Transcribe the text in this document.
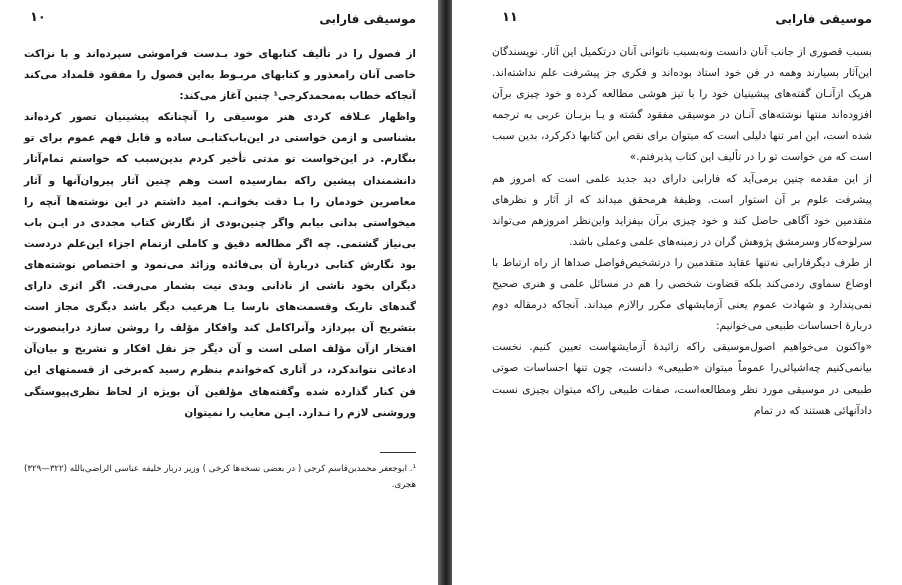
موسیقی فارابی
۱۰

از فصول را در تألیف کتابهای خود بـدست فراموشی سپرده‌اند و با نزاکت خاصی آنان رامعذور و کتابهای مربـوط به‌این فصول را مفقود قلمداد می‌کند آنجاکه خطاب به‌محمدکرجی¹ چنین آغاز می‌کند:

واظهار عـلاقه کردی هنر موسیقی را آنچنانکه پیشینیان تصور کرده‌اند بشناسی و ازمن خواستی در این‌باب‌کتابـی ساده و قابل فهم عموم برای تو بنگارم. در این‌خواست تو مدتی تأخیر کردم بدین‌سبب که خواستم تمام‌آثار دانشمندان پیشین راکه بمارسیده است وهم چنین آثار پیروان‌آنها و آثار معاصرین خودمان را بـا دقت بخوانـم. امید داشتم در این نوشته‌ها آنچه را میخواستی بدانی بیابم واگر چنین‌بودی از نگارش کتاب مجددی در ایـن باب بی‌نیاز گشتمی. چه اگر مطالعه دقیق و کاملی ازتمام اجزاء این‌علم دردست بود نگارش کتابی دربارهٔ آن بی‌فائده وزائد می‌نمود و اختصاص نوشته‌های دیگران بخود ناشی از نادانی وبدی نیت بشمار می‌رفت. اگر اثری دارای گندهای تاریک وقسمت‌های نارسا یـا هرعیب دیگر باشد دیگری مجاز است بتشریح آن بپردازد وآنراکامل کند وافکار مؤلف را روشن سازد دراینصورت افتخار ازآن مؤلف اصلی است و آن دیگر جز نقل افکار و تشریح و بیان‌آن ادعائی نتواندکرد، در آثاری که‌خواندم بنظرم رسید که‌برخی از قسمتهای این فن کنار گذارده شده وگفته‌های مؤلفین آن بویژه از لحاظ نظری‌پیوستگی وروشنی لازم را نـدارد. ایـن معایب را نمیتوان

¹. ابوجعفر محمدبن‌قاسم کرجی ( در بعضی نسخه‌ها کرخی ) وزیر دربار خلیفه عباسی الراضی‌بالله (۳۲۲—۳۲۹) هجری.
موسیقی فارابی
۱۱

بسبب قصوری از جانب آنان دانست ونه‌بسبب ناتوانی آنان درتکمیل این آثار. نویسندگان این‌آثار بسیارند وهمه در فن خود استاد بوده‌اند و فکری جز پیشرفت علم نداشته‌اند. هریک ازآنـان گفته‌های پیشینیان خود را با تیز هوشی مطالعه کرده و خود چیزی برآن افزوده‌اند منتها نوشته‌های آنـان در موسیقی مفقود گشته و یـا بزبـان عربی به ترجمه شده است، این امر تنها دلیلی است که میتوان برای نقص این کتابها ذکرکرد، بدین سبب است که من خواست تو را در تألیف این کتاب پذیرفتم.»

از این مقدمه چنین برمی‌آید که فارابی دارای دید جدید علمی است که امروز هم پیشرفت علوم بر آن استوار است. وظیفهٔ هرمحقق میداند که از آثار و نظرهای متقدمین خود آگاهی حاصل کند و خود چیزی برآن بیفزاید واین‌نظر امروزهم می‌تواند سرلوحه‌کار وسرمشق پژوهش گران در زمینه‌های علمی وعملی باشد.

از طرف دیگرفارابی نه‌تنها عقاید متقدمین را درتشخیص‌فواصل صداها از راه ارتباط با اوضاع سماوی ردمی‌کند بلکه قضاوت شخصی را هم در مسائل علمی و هنری صحیح نمی‌پندارد و شهادت عموم یعنی آزمایشهای مکرر رالازم‌ میداند. آنجاکه درمقاله دوم دربارهٔ احساسات طبیعی می‌خوانیم:

«واکنون می‌خواهیم اصول‌موسیقی راکه زائیدهٔ آزمایشهاست تعیین کنیم. نخست بیانمی‌کنیم چه‌اشیائی‌را عموماً میتوان «طبیعی» دانست، چون تنها احساسات صوتی طبیعی در موسیقی مورد نظر ومطالعه‌است، صفات طبیعی راکه میتوان بچیزی نسبت دادآنهائی هستند که در تمام
